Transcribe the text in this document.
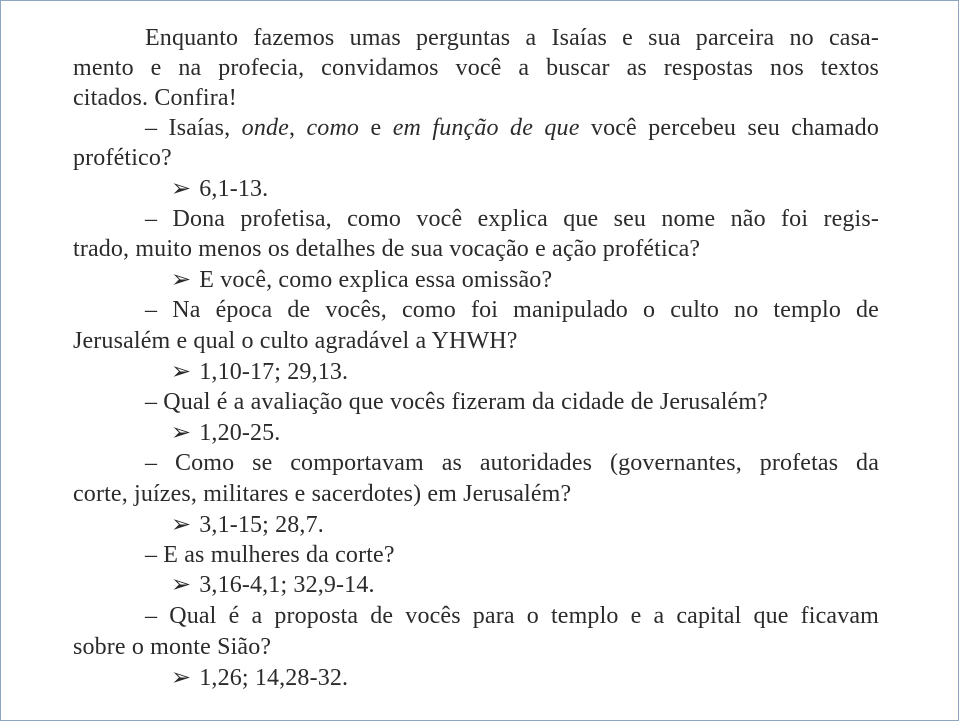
Enquanto fazemos umas perguntas a Isaías e sua parceira no casa-
mento e na profecia, convidamos você a buscar as respostas nos textos
citados. Confira!
– Isaías, onde, como e em função de que você percebeu seu chamado
profético?
➢ 6,1-13.
– Dona profetisa, como você explica que seu nome não foi regis-
trado, muito menos os detalhes de sua vocação e ação profética?
➢ E você, como explica essa omissão?
– Na época de vocês, como foi manipulado o culto no templo de
Jerusalém e qual o culto agradável a YHWH?
➢ 1,10-17; 29,13.
– Qual é a avaliação que vocês fizeram da cidade de Jerusalém?
➢ 1,20-25.
– Como se comportavam as autoridades (governantes, profetas da
corte, juízes, militares e sacerdotes) em Jerusalém?
➢ 3,1-15; 28,7.
– E as mulheres da corte?
➢ 3,16-4,1; 32,9-14.
– Qual é a proposta de vocês para o templo e a capital que ficavam
sobre o monte Sião?
➢ 1,26; 14,28-32.
